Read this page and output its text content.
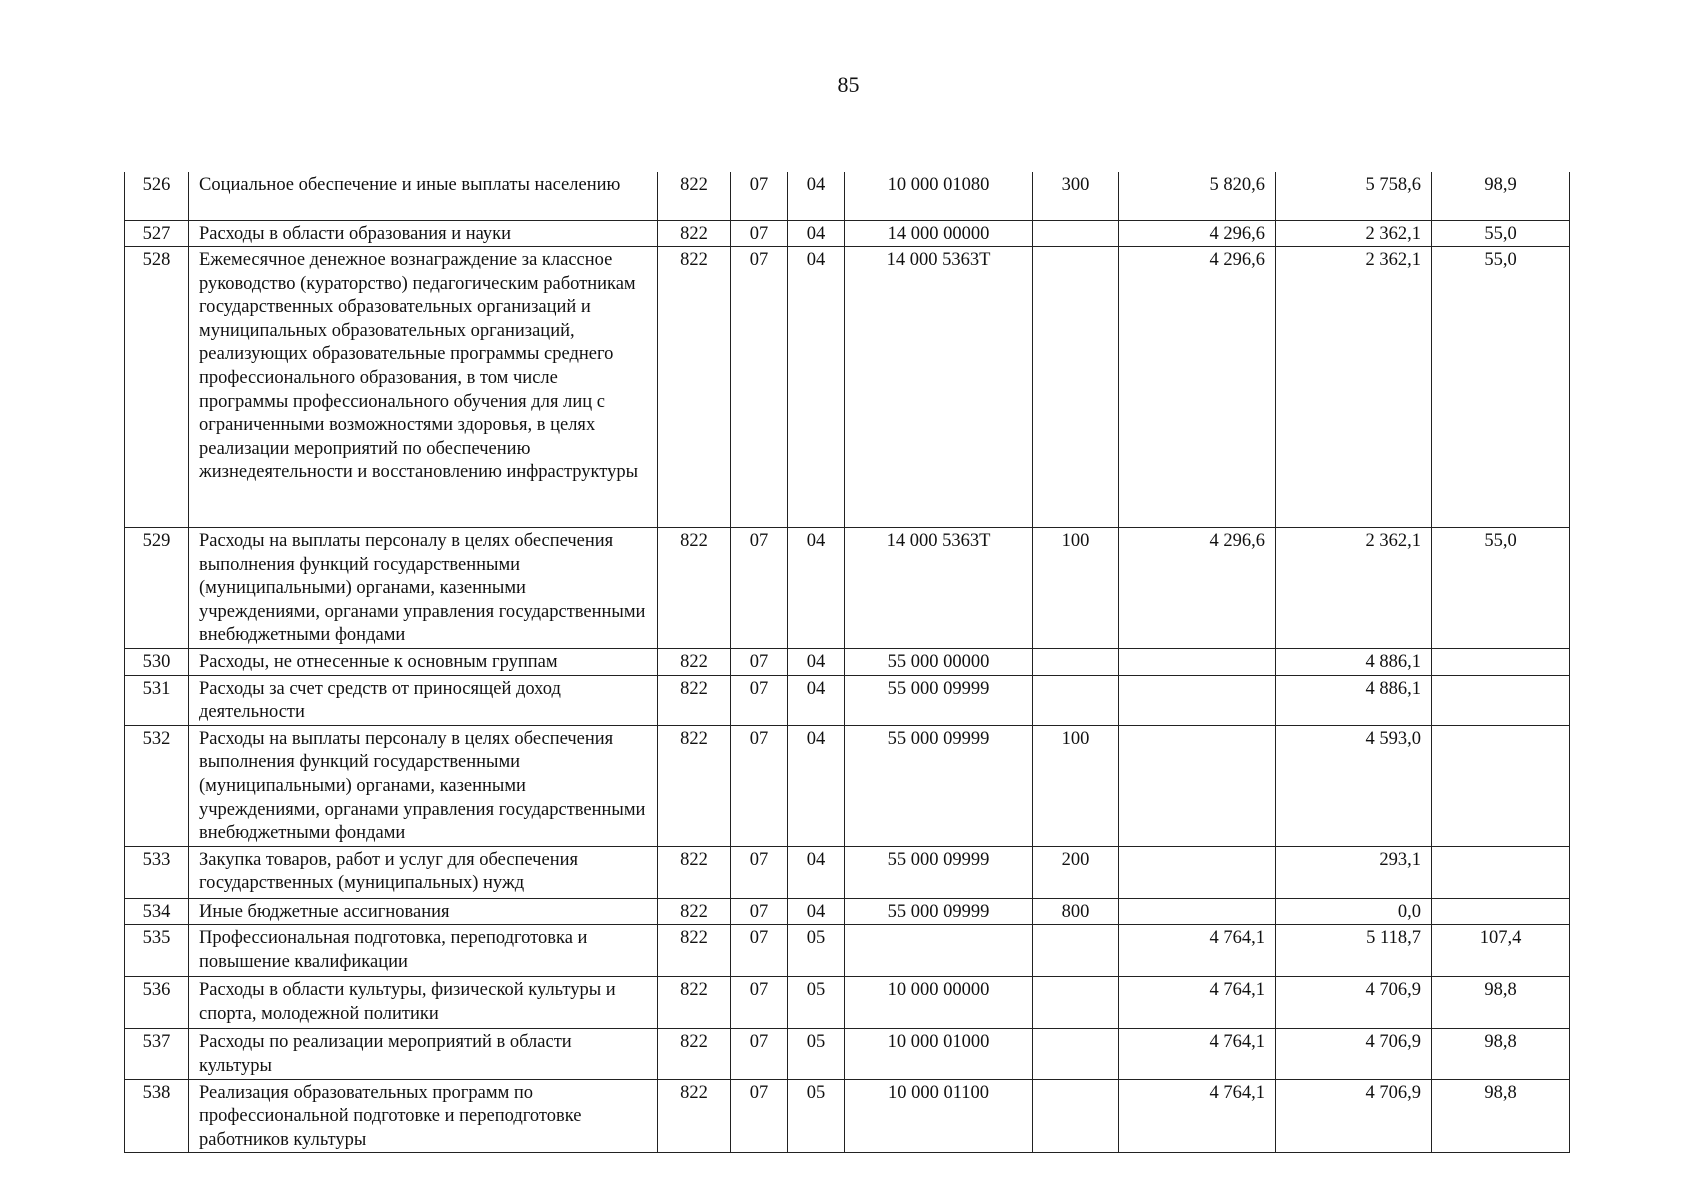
85
526	Социальное обеспечение и иные выплаты населению	822	07	04	10 000 01080	300	5 820,6	5 758,6	98,9
527	Расходы в области образования и науки	822	07	04	14 000 00000		4 296,6	2 362,1	55,0
528	Ежемесячное денежное вознаграждение за классное руководство (кураторство) педагогическим работникам государственных образовательных организаций и муниципальных образовательных организаций, реализующих образовательные программы среднего профессионального образования, в том числе программы профессионального обучения для лиц с ограниченными возможностями здоровья, в целях реализации мероприятий по обеспечению жизнедеятельности и восстановлению инфраструктуры	822	07	04	14 000 5363Т		4 296,6	2 362,1	55,0
529	Расходы на выплаты персоналу в целях обеспечения выполнения функций государственными (муниципальными) органами, казенными учреждениями, органами управления государственными внебюджетными фондами	822	07	04	14 000 5363Т	100	4 296,6	2 362,1	55,0
530	Расходы, не отнесенные к основным группам	822	07	04	55 000 00000			4 886,1	
531	Расходы за счет средств от приносящей доход деятельности	822	07	04	55 000 09999			4 886,1	
532	Расходы на выплаты персоналу в целях обеспечения выполнения функций государственными (муниципальными) органами, казенными учреждениями, органами управления государственными внебюджетными фондами	822	07	04	55 000 09999	100		4 593,0	
533	Закупка товаров, работ и услуг для обеспечения государственных (муниципальных) нужд	822	07	04	55 000 09999	200		293,1	
534	Иные бюджетные ассигнования	822	07	04	55 000 09999	800		0,0	
535	Профессиональная подготовка, переподготовка и повышение квалификации	822	07	05			4 764,1	5 118,7	107,4
536	Расходы в области культуры, физической культуры и спорта, молодежной политики	822	07	05	10 000 00000		4 764,1	4 706,9	98,8
537	Расходы по реализации мероприятий в области культуры	822	07	05	10 000 01000		4 764,1	4 706,9	98,8
538	Реализация образовательных программ по профессиональной подготовке и переподготовке работников культуры	822	07	05	10 000 01100		4 764,1	4 706,9	98,8
